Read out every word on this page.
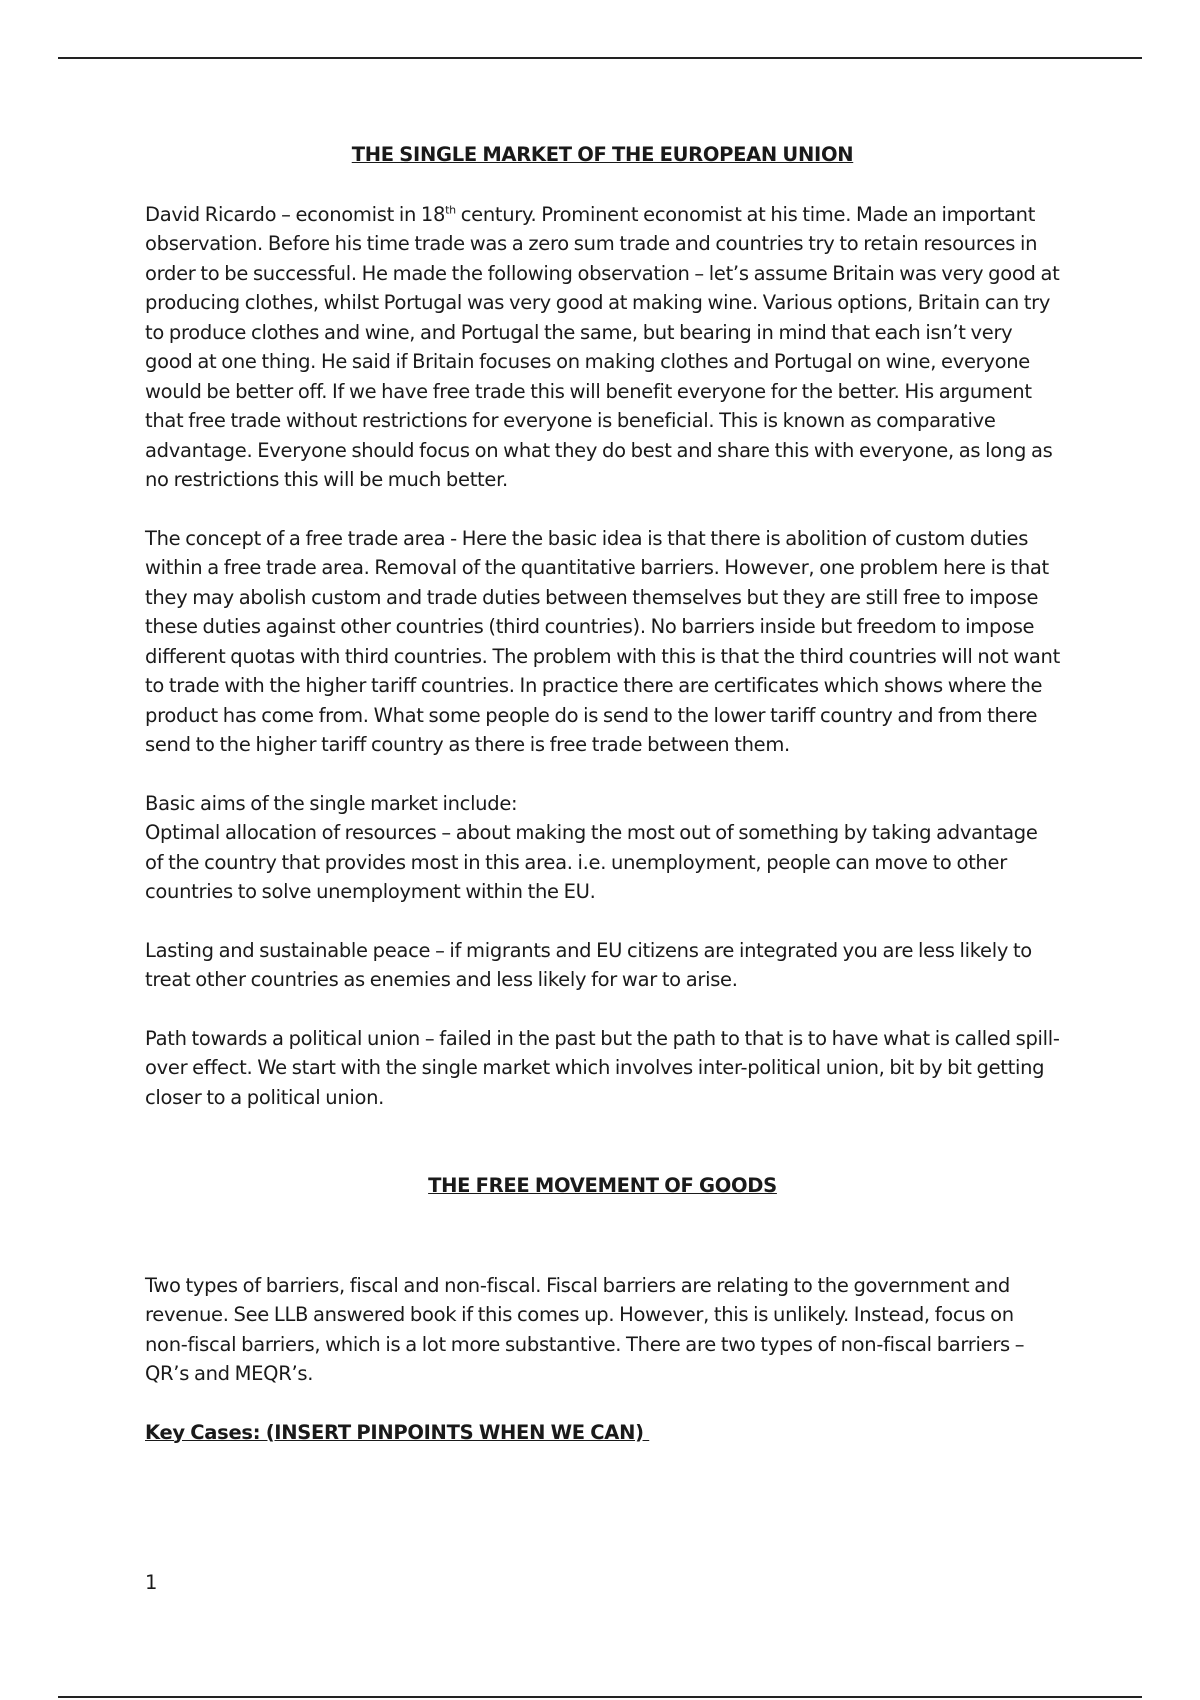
THE SINGLE MARKET OF THE EUROPEAN UNION

David Ricardo – economist in 18th century. Prominent economist at his time. Made an important observation. Before his time trade was a zero sum trade and countries try to retain resources in order to be successful. He made the following observation – let’s assume Britain was very good at producing clothes, whilst Portugal was very good at making wine. Various options, Britain can try to produce clothes and wine, and Portugal the same, but bearing in mind that each isn’t very good at one thing. He said if Britain focuses on making clothes and Portugal on wine, everyone would be better off. If we have free trade this will benefit everyone for the better. His argument that free trade without restrictions for everyone is beneficial. This is known as comparative advantage. Everyone should focus on what they do best and share this with everyone, as long as no restrictions this will be much better.

The concept of a free trade area - Here the basic idea is that there is abolition of custom duties within a free trade area. Removal of the quantitative barriers. However, one problem here is that they may abolish custom and trade duties between themselves but they are still free to impose these duties against other countries (third countries). No barriers inside but freedom to impose different quotas with third countries. The problem with this is that the third countries will not want to trade with the higher tariff countries. In practice there are certificates which shows where the product has come from. What some people do is send to the lower tariff country and from there send to the higher tariff country as there is free trade between them.

Basic aims of the single market include:

Optimal allocation of resources – about making the most out of something by taking advantage of the country that provides most in this area. i.e. unemployment, people can move to other countries to solve unemployment within the EU.

Lasting and sustainable peace – if migrants and EU citizens are integrated you are less likely to treat other countries as enemies and less likely for war to arise.

Path towards a political union – failed in the past but the path to that is to have what is called spill-over effect. We start with the single market which involves inter-political union, bit by bit getting closer to a political union.

THE FREE MOVEMENT OF GOODS

Two types of barriers, fiscal and non-fiscal. Fiscal barriers are relating to the government and revenue. See LLB answered book if this comes up. However, this is unlikely. Instead, focus on non-fiscal barriers, which is a lot more substantive. There are two types of non-fiscal barriers – QR’s and MEQR’s.

Key Cases: (INSERT PINPOINTS WHEN WE CAN)
1
